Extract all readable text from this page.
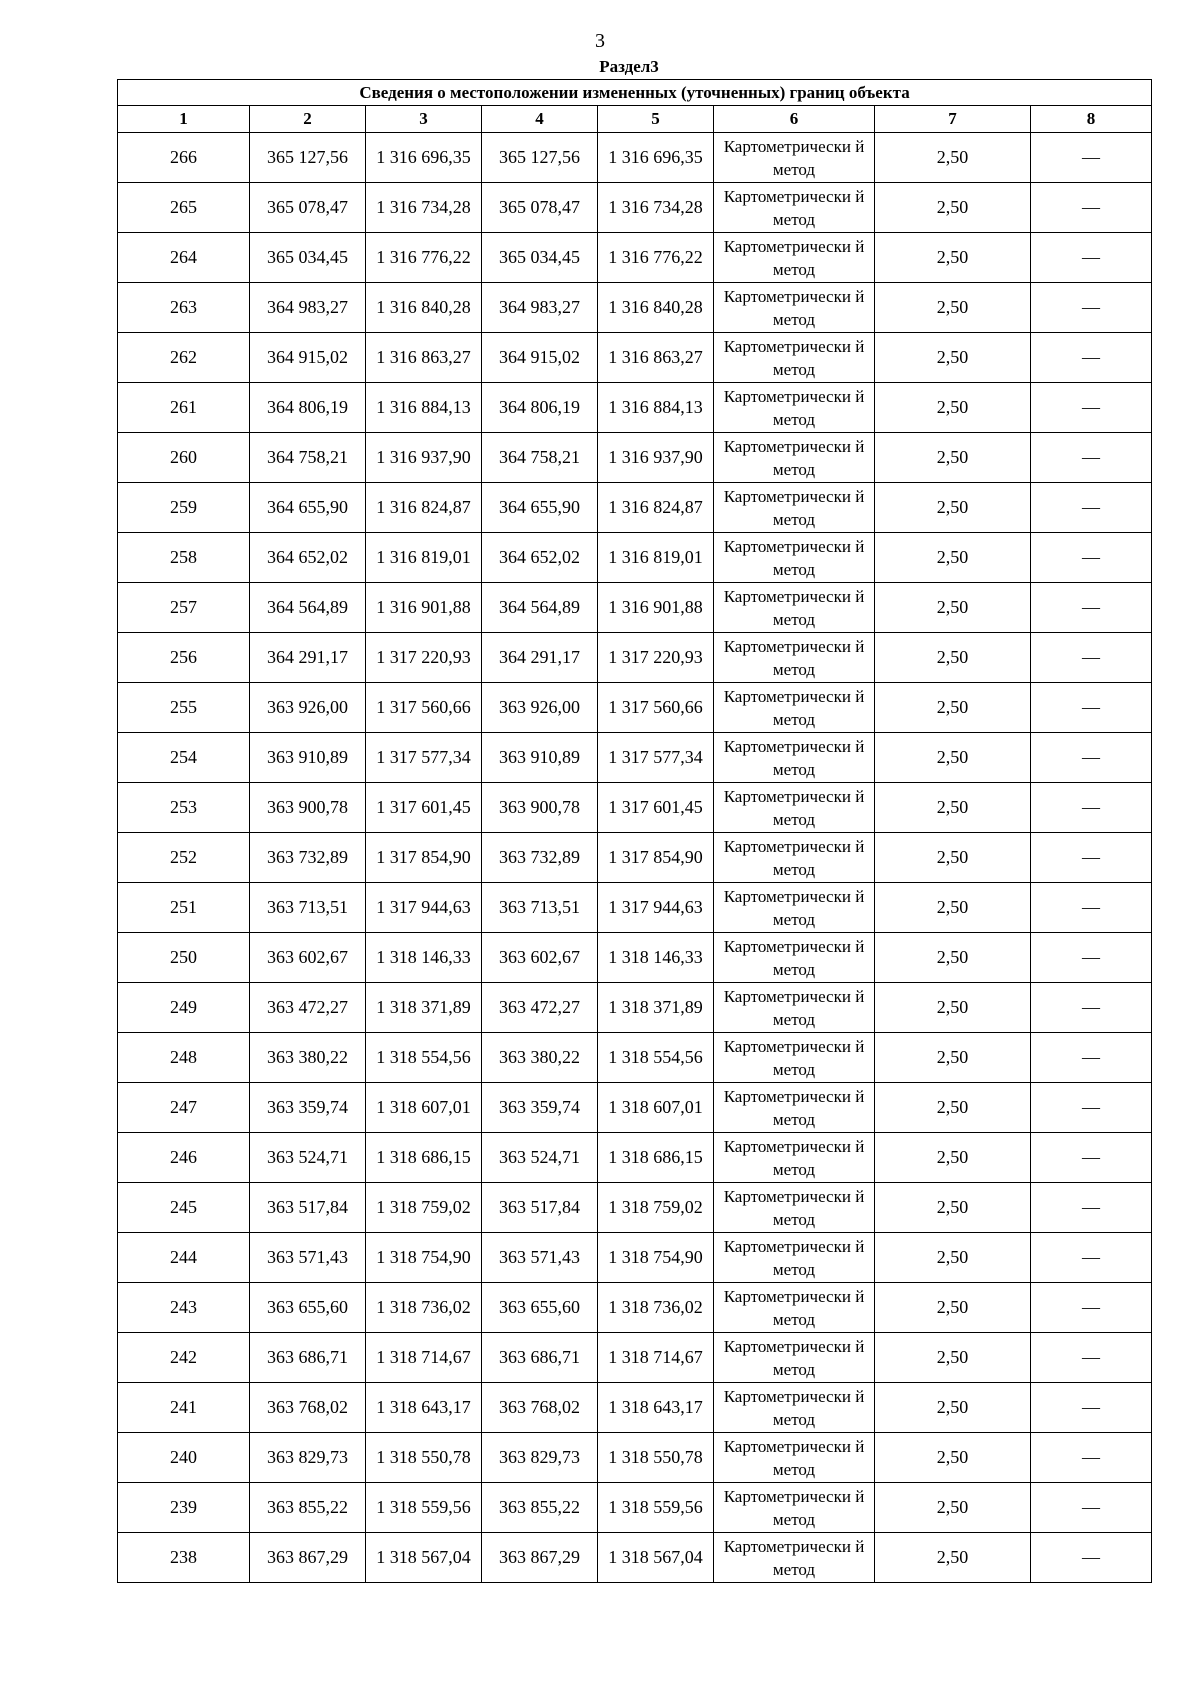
3
Раздел3
Сведения о местоположении измененных (уточненных) границ объекта							
1	2	3	4	5	6	7	8
266	365 127,56	1 316 696,35	365 127,56	1 316 696,35	Картометрически й метод	2,50	—
265	365 078,47	1 316 734,28	365 078,47	1 316 734,28	Картометрически й метод	2,50	—
264	365 034,45	1 316 776,22	365 034,45	1 316 776,22	Картометрически й метод	2,50	—
263	364 983,27	1 316 840,28	364 983,27	1 316 840,28	Картометрически й метод	2,50	—
262	364 915,02	1 316 863,27	364 915,02	1 316 863,27	Картометрически й метод	2,50	—
261	364 806,19	1 316 884,13	364 806,19	1 316 884,13	Картометрически й метод	2,50	—
260	364 758,21	1 316 937,90	364 758,21	1 316 937,90	Картометрически й метод	2,50	—
259	364 655,90	1 316 824,87	364 655,90	1 316 824,87	Картометрически й метод	2,50	—
258	364 652,02	1 316 819,01	364 652,02	1 316 819,01	Картометрически й метод	2,50	—
257	364 564,89	1 316 901,88	364 564,89	1 316 901,88	Картометрически й метод	2,50	—
256	364 291,17	1 317 220,93	364 291,17	1 317 220,93	Картометрически й метод	2,50	—
255	363 926,00	1 317 560,66	363 926,00	1 317 560,66	Картометрически й метод	2,50	—
254	363 910,89	1 317 577,34	363 910,89	1 317 577,34	Картометрически й метод	2,50	—
253	363 900,78	1 317 601,45	363 900,78	1 317 601,45	Картометрически й метод	2,50	—
252	363 732,89	1 317 854,90	363 732,89	1 317 854,90	Картометрически й метод	2,50	—
251	363 713,51	1 317 944,63	363 713,51	1 317 944,63	Картометрически й метод	2,50	—
250	363 602,67	1 318 146,33	363 602,67	1 318 146,33	Картометрически й метод	2,50	—
249	363 472,27	1 318 371,89	363 472,27	1 318 371,89	Картометрически й метод	2,50	—
248	363 380,22	1 318 554,56	363 380,22	1 318 554,56	Картометрически й метод	2,50	—
247	363 359,74	1 318 607,01	363 359,74	1 318 607,01	Картометрически й метод	2,50	—
246	363 524,71	1 318 686,15	363 524,71	1 318 686,15	Картометрически й метод	2,50	—
245	363 517,84	1 318 759,02	363 517,84	1 318 759,02	Картометрически й метод	2,50	—
244	363 571,43	1 318 754,90	363 571,43	1 318 754,90	Картометрически й метод	2,50	—
243	363 655,60	1 318 736,02	363 655,60	1 318 736,02	Картометрически й метод	2,50	—
242	363 686,71	1 318 714,67	363 686,71	1 318 714,67	Картометрически й метод	2,50	—
241	363 768,02	1 318 643,17	363 768,02	1 318 643,17	Картометрически й метод	2,50	—
240	363 829,73	1 318 550,78	363 829,73	1 318 550,78	Картометрически й метод	2,50	—
239	363 855,22	1 318 559,56	363 855,22	1 318 559,56	Картометрически й метод	2,50	—
238	363 867,29	1 318 567,04	363 867,29	1 318 567,04	Картометрически й метод	2,50	—
